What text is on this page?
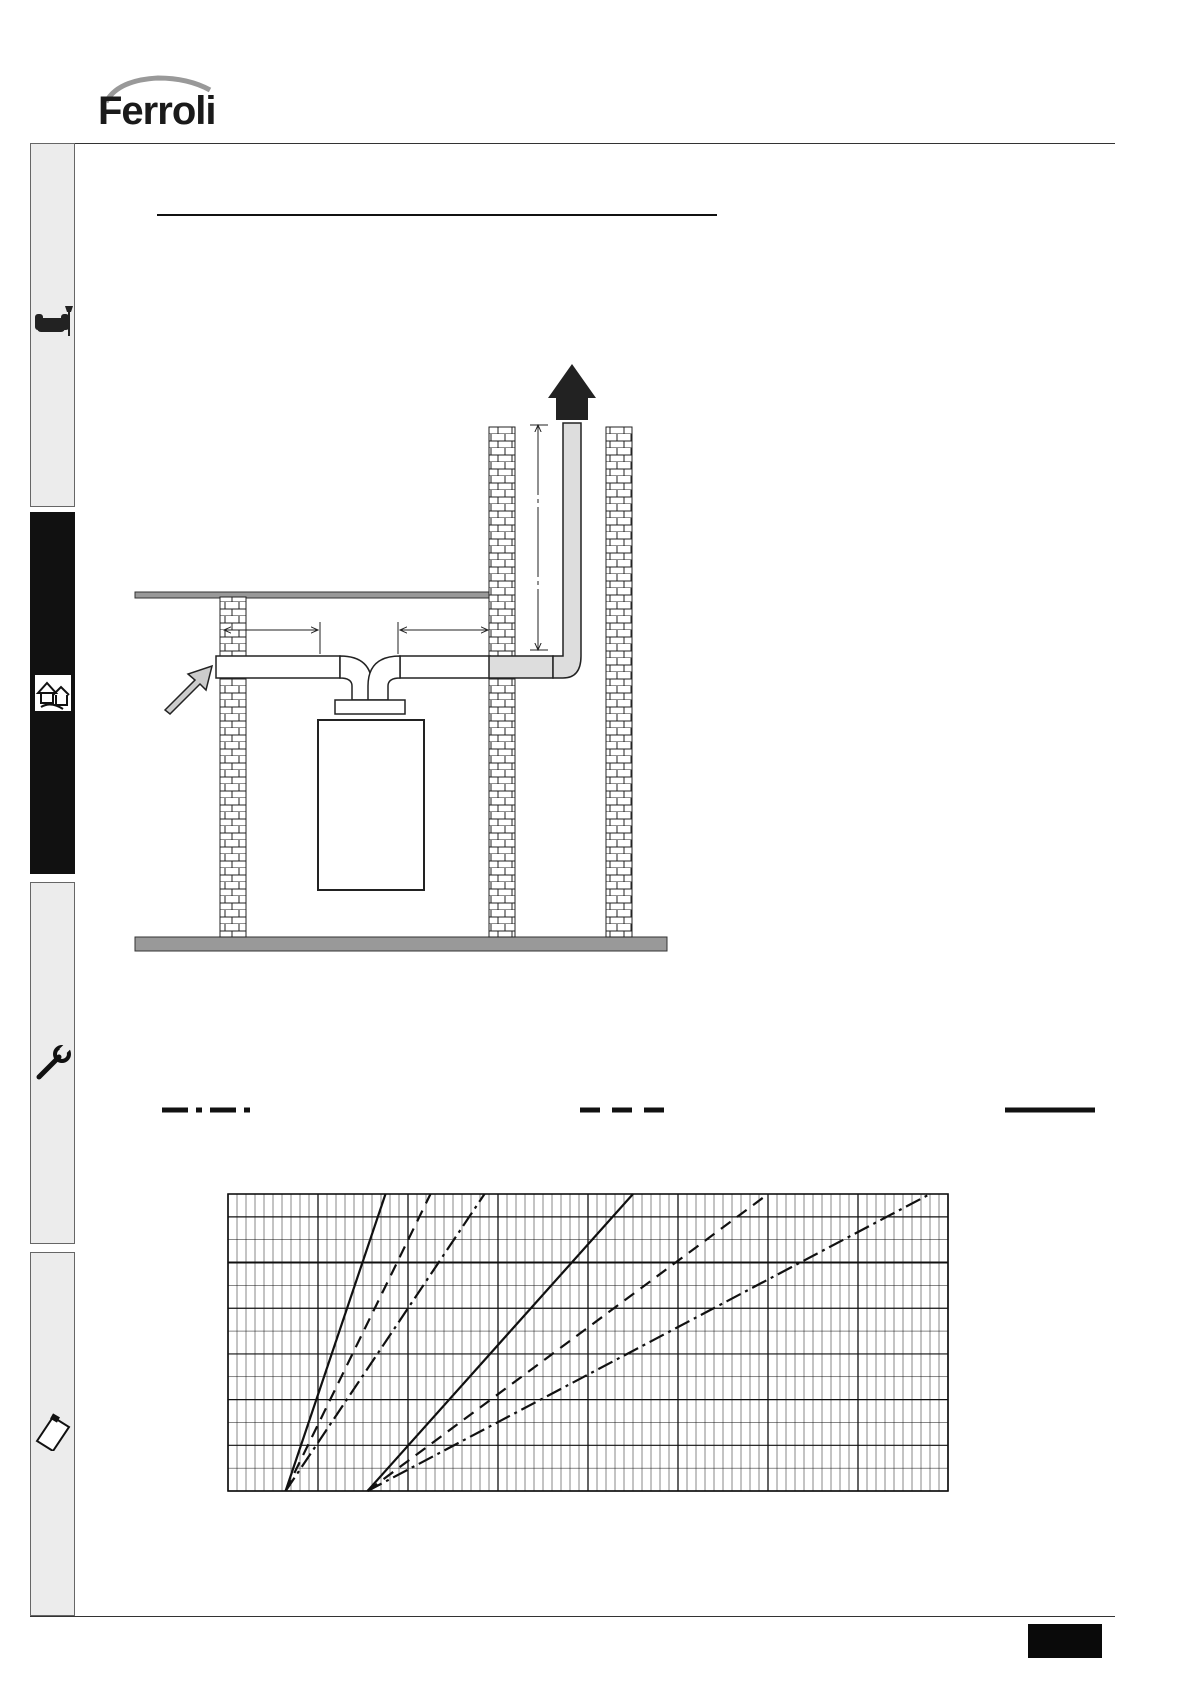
Ferroli
